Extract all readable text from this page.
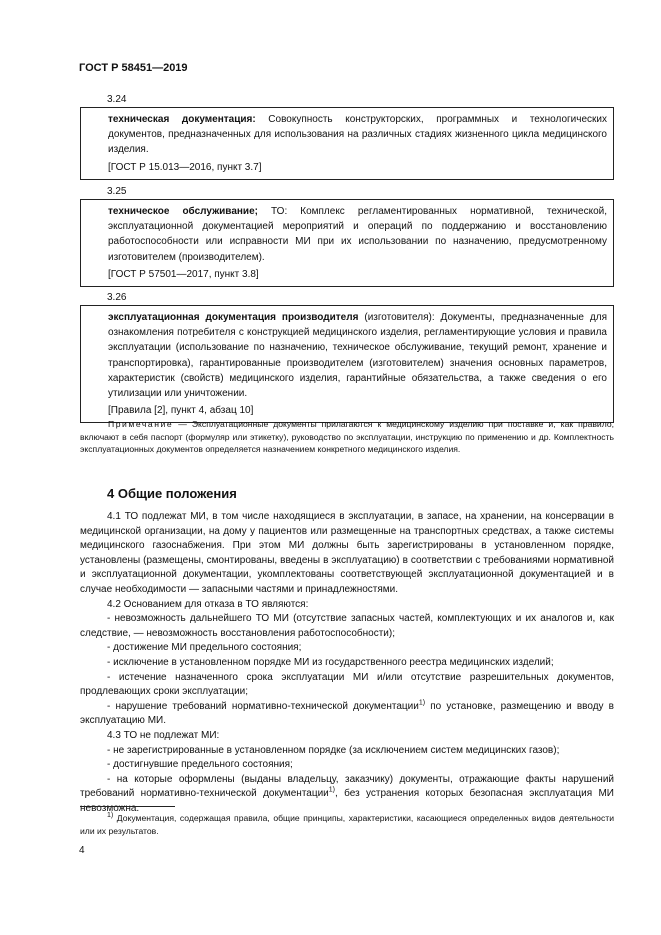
ГОСТ Р 58451—2019
3.24

техническая документация: Совокупность конструкторских, программных и технологических документов, предназначенных для использования на различных стадиях жизненного цикла медицинского изделия.

[ГОСТ Р 15.013—2016, пункт 3.7]

3.25

техническое обслуживание; ТО: Комплекс регламентированных нормативной, технической, эксплуатационной документацией мероприятий и операций по поддержанию и восстановлению работоспособности или исправности МИ при их использовании по назначению, предусмотренному изготовителем (производителем).

[ГОСТ Р 57501—2017, пункт 3.8]

3.26

эксплуатационная документация производителя (изготовителя): Документы, предназначенные для ознакомления потребителя с конструкцией медицинского изделия, регламентирующие условия и правила эксплуатации (использование по назначению, техническое обслуживание, текущий ремонт, хранение и транспортировка), гарантированные производителем (изготовителем) значения основных параметров, характеристик (свойств) медицинского изделия, гарантийные обязательства, а также сведения о его утилизации или уничтожении.

[Правила [2], пункт 4, абзац 10]

Примечание — Эксплуатационные документы прилагаются к медицинскому изделию при поставке и, как правило, включают в себя паспорт (формуляр или этикетку), руководство по эксплуатации, инструкцию по применению и др. Комплектность эксплуатационных документов определяется назначением конкретного медицинского изделия.
4 Общие положения

4.1 ТО подлежат МИ, в том числе находящиеся в эксплуатации, в запасе, на хранении, на консервации в медицинской организации, на дому у пациентов или размещенные на транспортных средствах, а также системы медицинского газоснабжения. При этом МИ должны быть зарегистрированы в установленном порядке, установлены (размещены, смонтированы, введены в эксплуатацию) в соответствии с требованиями нормативной и эксплуатационной документации, укомплектованы соответствующей эксплуатационной документацией и в случае необходимости — запасными частями и принадлежностями.

4.2 Основанием для отказа в ТО являются:

- невозможность дальнейшего ТО МИ (отсутствие запасных частей, комплектующих и их аналогов и, как следствие, — невозможность восстановления работоспособности);

- достижение МИ предельного состояния;

- исключение в установленном порядке МИ из государственного реестра медицинских изделий;

- истечение назначенного срока эксплуатации МИ и/или отсутствие разрешительных документов, продлевающих сроки эксплуатации;

- нарушение требований нормативно-технической документации$^{1)}$ по установке, размещению и вводу в эксплуатацию МИ.

4.3 ТО не подлежат МИ:

- не зарегистрированные в установленном порядке (за исключением систем медицинских газов);

- достигнувшие предельного состояния;

- на которые оформлены (выданы владельцу, заказчику) документы, отражающие факты нарушений требований нормативно-технической документации$^{1)}$, без устранения которых безопасная эксплуатация МИ невозможна.

$^{1)}$ Документация, содержащая правила, общие принципы, характеристики, касающиеся определенных видов деятельности или их результатов.
4
